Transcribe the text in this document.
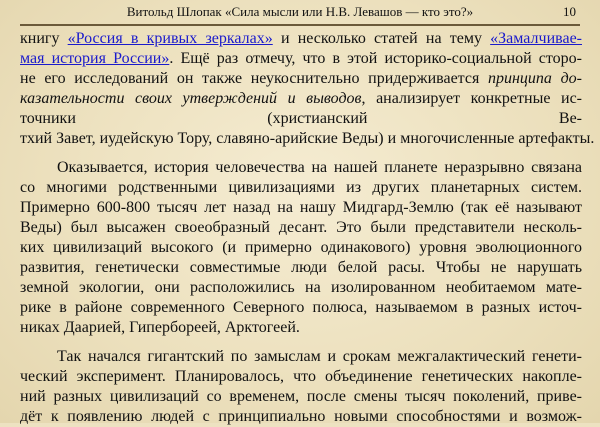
Витольд Шлопак «Сила мысли или Н.В. Левашов — кто это?»	10
книгу «Россия в кривых зеркалах» и несколько статей на тему «Замалчивае-
мая история России». Ещё раз отмечу, что в этой историко-социальной сторо-
не его исследований он также неукоснительно придерживается принципа до-
казательности своих утверждений и выводов, анализирует конкретные ис-
точники (христианский Ве-
тхий Завет, иудейскую Тору, славяно-арийские Веды) и многочисленные артефакты.
Оказывается, история человечества на нашей планете неразрывно связана
со многими родственными цивилизациями из других планетарных систем.
Примерно 600-800 тысяч лет назад на нашу Мидгард-Землю (так её называют
Веды) был высажен своеобразный десант. Это были представители несколь-
ких цивилизаций высокого (и примерно одинакового) уровня эволюционного
развития, генетически совместимые люди белой расы. Чтобы не нарушать
земной экологии, они расположились на изолированном необитаемом мате-
рике в районе современного Северного полюса, называемом в разных источ-
никах Даарией, Гипербореей, Арктогеей.
Так начался гигантский по замыслам и срокам межгалактический генети-
ческий эксперимент. Планировалось, что объединение генетических накопле-
ний разных цивилизаций со временем, после смены тысяч поколений, приве-
дёт к появлению людей с принципиально новыми способностями и возмож-
